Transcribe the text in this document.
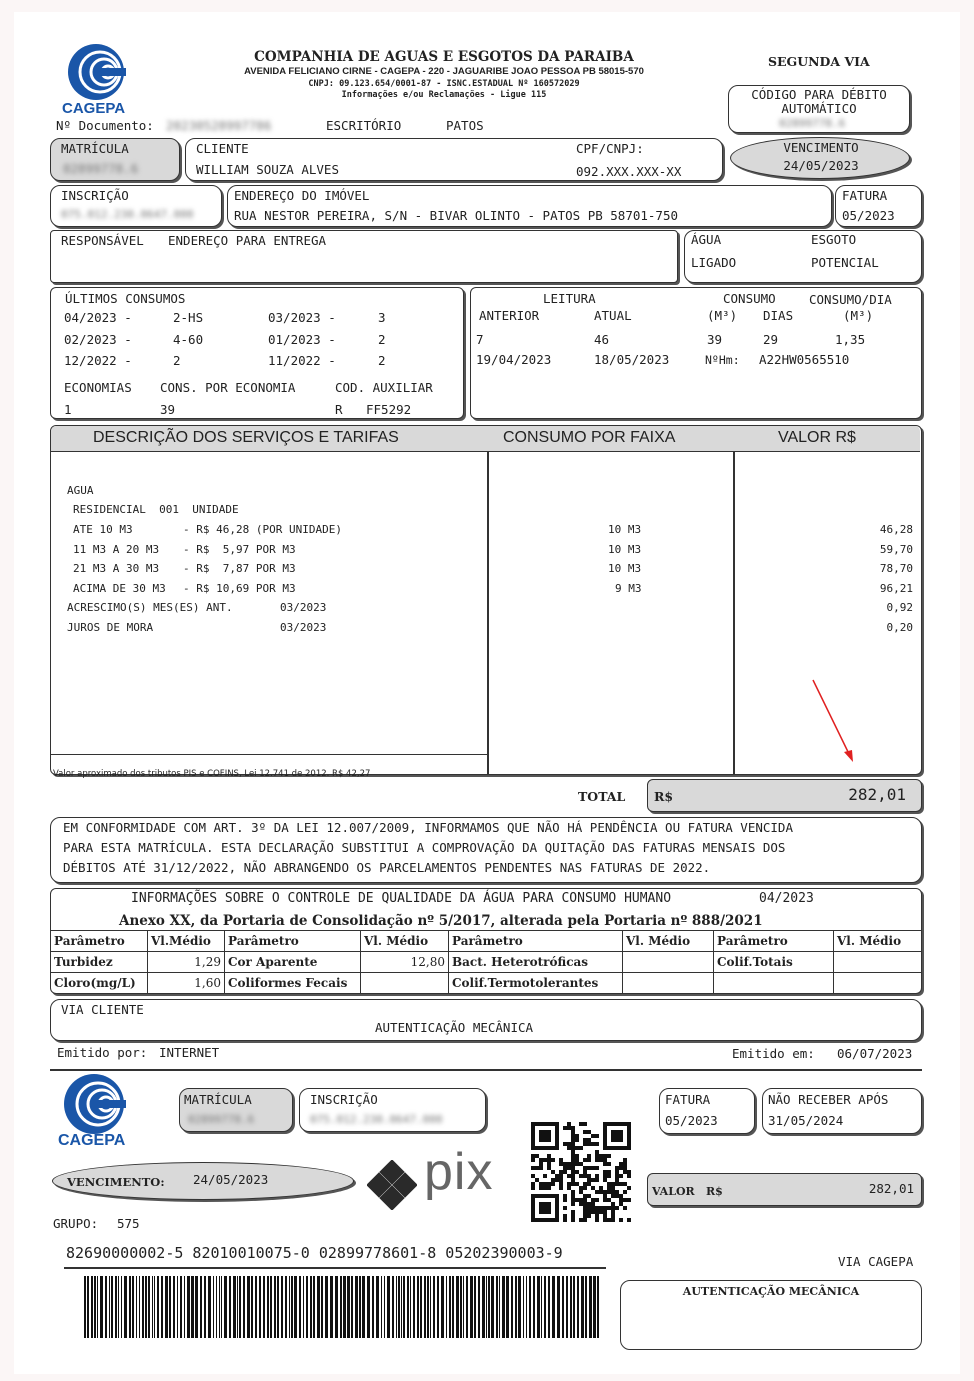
CAGEPA
COMPANHIA DE AGUAS E ESGOTOS DA PARAIBA
AVENIDA FELICIANO CIRNE - CAGEPA - 220 - JAGUARIBE JOAO PESSOA PB 58015-570
CNPJ: 09.123.654/0001-87 - ISNC.ESTADUAL Nº 160572029
Informações e/ou Reclamações - Ligue 115
SEGUNDA VIA
CÓDIGO PARA DÉBITO AUTOMÁTICO
02899778.6
Nº Documento: 20230528997786	ESCRITÓRIO	PATOS
MATRÍCULA
02899778.6
CLIENTE
WILLIAM SOUZA ALVES
CPF/CNPJ:
092.XXX.XXX-XX
VENCIMENTO
24/05/2023
INSCRIÇÃO
075.012.230.0647.000
ENDEREÇO DO IMÓVEL
RUA NESTOR PEREIRA, S/N - BIVAR OLINTO - PATOS PB 58701-750
FATURA
05/2023
RESPONSÁVEL ENDEREÇO PARA ENTREGA	ÁGUA	ESGOTO
LIGADO	POTENCIAL
ÚLTIMOS CONSUMOS
04/2023 -	2-HS	03/2023 -	3
02/2023 -	4-60	01/2023 -	2
12/2022 -	2	11/2022 -	2
ECONOMIAS CONS. POR ECONOMIA	COD. AUXILIAR
1	39	R FF5292
LEITURA
ANTERIOR	ATUAL
CONSUMO	CONSUMO/DIA
(M³) DIAS	(M³)
7	46	39	29	1,35
19/04/2023	18/05/2023	NºHm: A22HW0565510
DESCRIÇÃO DOS SERVIÇOS E TARIFAS	CONSUMO POR FAIXA	VALOR R$
AGUA
RESIDENCIAL  001  UNIDADE
ATE 10 M3	- R$ 46,28 (POR UNIDADE)	10 M3	46,28
11 M3 A 20 M3 - R$  5,97 POR M3	10 M3	59,70
21 M3 A 30 M3 - R$  7,87 POR M3	10 M3	78,70
ACIMA DE 30 M3 - R$ 10,69 POR M3	9 M3	96,21
ACRESCIMO(S) MES(ES) ANT.	03/2023	0,92
JUROS DE MORA	03/2023	0,20
Valor aproximado dos tributos PIS e COFINS, Lei 12.741 de 2012. R$ 42,27
TOTAL R$	282,01
EM CONFORMIDADE COM ART. 3º DA LEI 12.007/2009, INFORMAMOS QUE NÃO HÁ PENDÊNCIA OU FATURA VENCIDA
PARA ESTA MATRÍCULA. ESTA DECLARAÇÃO SUBSTITUI A COMPROVAÇÃO DA QUITAÇÃO DAS FATURAS MENSAIS DOS
DÉBITOS ATÉ 31/12/2022, NÃO ABRANGENDO OS PARCELAMENTOS PENDENTES NAS FATURAS DE 2022.
INFORMAÇÕES SOBRE O CONTROLE DE QUALIDADE DA ÁGUA PARA CONSUMO HUMANO	04/2023
Anexo XX, da Portaria de Consolidação nº 5/2017, alterada pela Portaria nº 888/2021
Parâmetro	Vl.Médio	Parâmetro	Vl. Médio	Parâmetro	Vl. Médio	Parâmetro	Vl. Médio
Turbidez	1,29	Cor Aparente	12,80	Bact. Heterotróficas		Colif.Totais	
Cloro(mg/L)	1,60	Coliformes Fecais		Colif.Termotolerantes			
VIA CLIENTE
AUTENTICAÇÃO MECÂNICA
Emitido por: INTERNET	Emitido em: 06/07/2023
CAGEPA
MATRÍCULA
02899778.6
INSCRIÇÃO
075.012.230.0647.000
FATURA
05/2023
NÃO RECEBER APÓS
31/05/2024
VENCIMENTO: 24/05/2023	pix	VALOR R$	282,01
GRUPO: 575
82690000002-5 82010010075-0 02899778601-8 05202390003-9	VIA CAGEPA
AUTENTICAÇÃO MECÂNICA
